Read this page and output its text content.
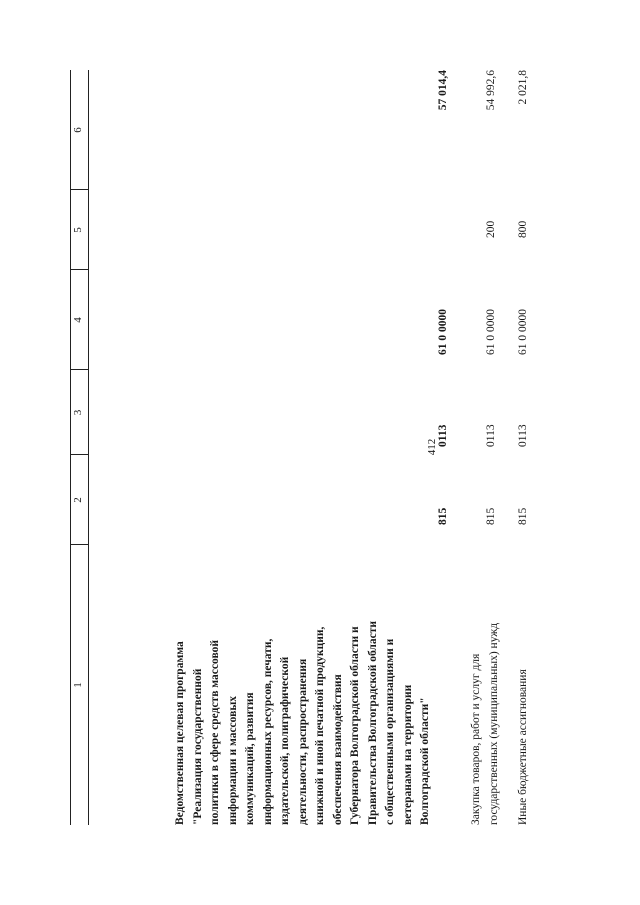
412
1
2
3
4
5
6
Ведомственная целевая программа
"Реализация государственной
политики в сфере средств массовой
информации и массовых
коммуникаций, развития
информационных ресурсов, печати,
издательской, полиграфической
деятельности, распространения
книжной и иной печатной продукции,
обеспечения взаимодействия
Губернатора Волгоградской области и
Правительства Волгоградской области
с общественными организациями и
ветеранами на территории
Волгоградской области"
815
0113
61 0 0000
57 014,4
Закупка товаров, работ и услуг для
государственных (муниципальных) нужд
815
0113
61 0 0000
200
54 992,6
Иные бюджетные ассигнования
815
0113
61 0 0000
800
2 021,8
